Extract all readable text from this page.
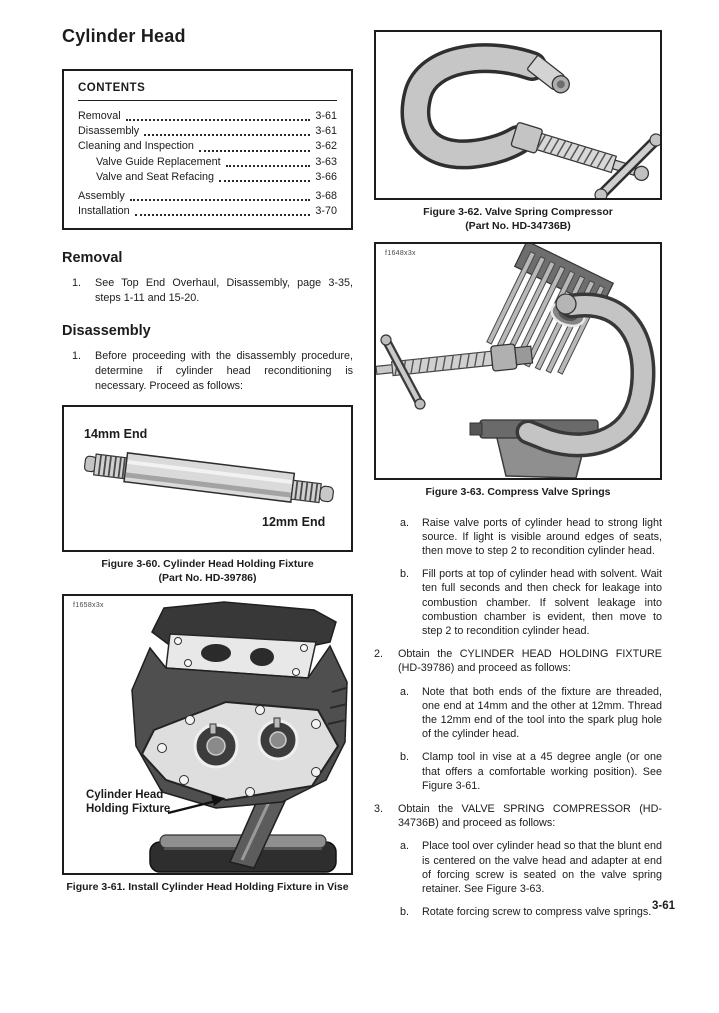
Cylinder Head
CONTENTS
Removal	3-61
Disassembly	3-61
Cleaning and Inspection	3-62
Valve Guide Replacement	3-63
Valve and Seat Refacing	3-66
Assembly	3-68
Installation	3-70
Removal
1.	See Top End Overhaul, Disassembly, page 3-35, steps 1-11 and 15-20.
Disassembly
1.	Before proceeding with the disassembly procedure, determine if cylinder head reconditioning is necessary. Proceed as follows:
14mm End
12mm End
Figure 3-60. Cylinder Head Holding Fixture
(Part No. HD-39786)
f1658x3x
Cylinder Head
Holding Fixture
Figure 3-61. Install Cylinder Head Holding Fixture in Vise
Figure 3-62. Valve Spring Compressor
(Part No. HD-34736B)
f1648x3x
Figure 3-63. Compress Valve Springs
a.	Raise valve ports of cylinder head to strong light source. If light is visible around edges of seats, then move to step 2 to recondition cylinder head.
b.	Fill ports at top of cylinder head with solvent. Wait ten full seconds and then check for leakage into combustion chamber. If solvent leakage into combustion chamber is evident, then move to step 2 to recondition cylinder head.
2.	Obtain the CYLINDER HEAD HOLDING FIXTURE (HD-39786) and proceed as follows:
a.	Note that both ends of the fixture are threaded, one end at 14mm and the other at 12mm. Thread the 12mm end of the tool into the spark plug hole of the cylinder head.
b.	Clamp tool in vise at a 45 degree angle (or one that offers a comfortable working position). See Figure 3-61.
3.	Obtain the VALVE SPRING COMPRESSOR (HD-34736B) and proceed as follows:
a.	Place tool over cylinder head so that the blunt end is centered on the valve head and adapter at end of forcing screw is seated on the valve spring retainer. See Figure 3-63.
b.	Rotate forcing screw to compress valve springs.
3-61
